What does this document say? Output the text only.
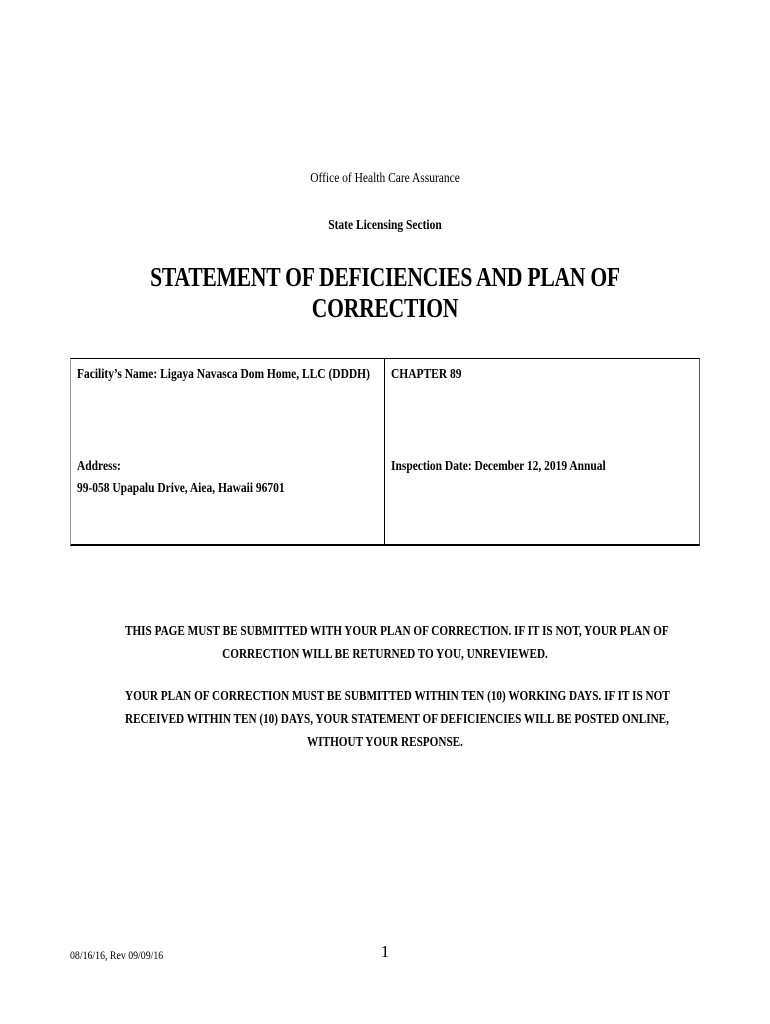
Office of Health Care Assurance
State Licensing Section
STATEMENT OF DEFICIENCIES AND PLAN OF CORRECTION
Facility’s Name: Ligaya Navasca Dom Home, LLC (DDDH) CHAPTER 89
Address:
99-058 Upapalu Drive, Aiea, Hawaii 96701
Inspection Date: December 12, 2019 Annual
THIS PAGE MUST BE SUBMITTED WITH YOUR PLAN OF CORRECTION. IF IT IS NOT, YOUR PLAN OF
CORRECTION WILL BE RETURNED TO YOU, UNREVIEWED.
YOUR PLAN OF CORRECTION MUST BE SUBMITTED WITHIN TEN (10) WORKING DAYS. IF IT IS NOT
RECEIVED WITHIN TEN (10) DAYS, YOUR STATEMENT OF DEFICIENCIES WILL BE POSTED ONLINE,
WITHOUT YOUR RESPONSE.
08/16/16, Rev 09/09/16	1
